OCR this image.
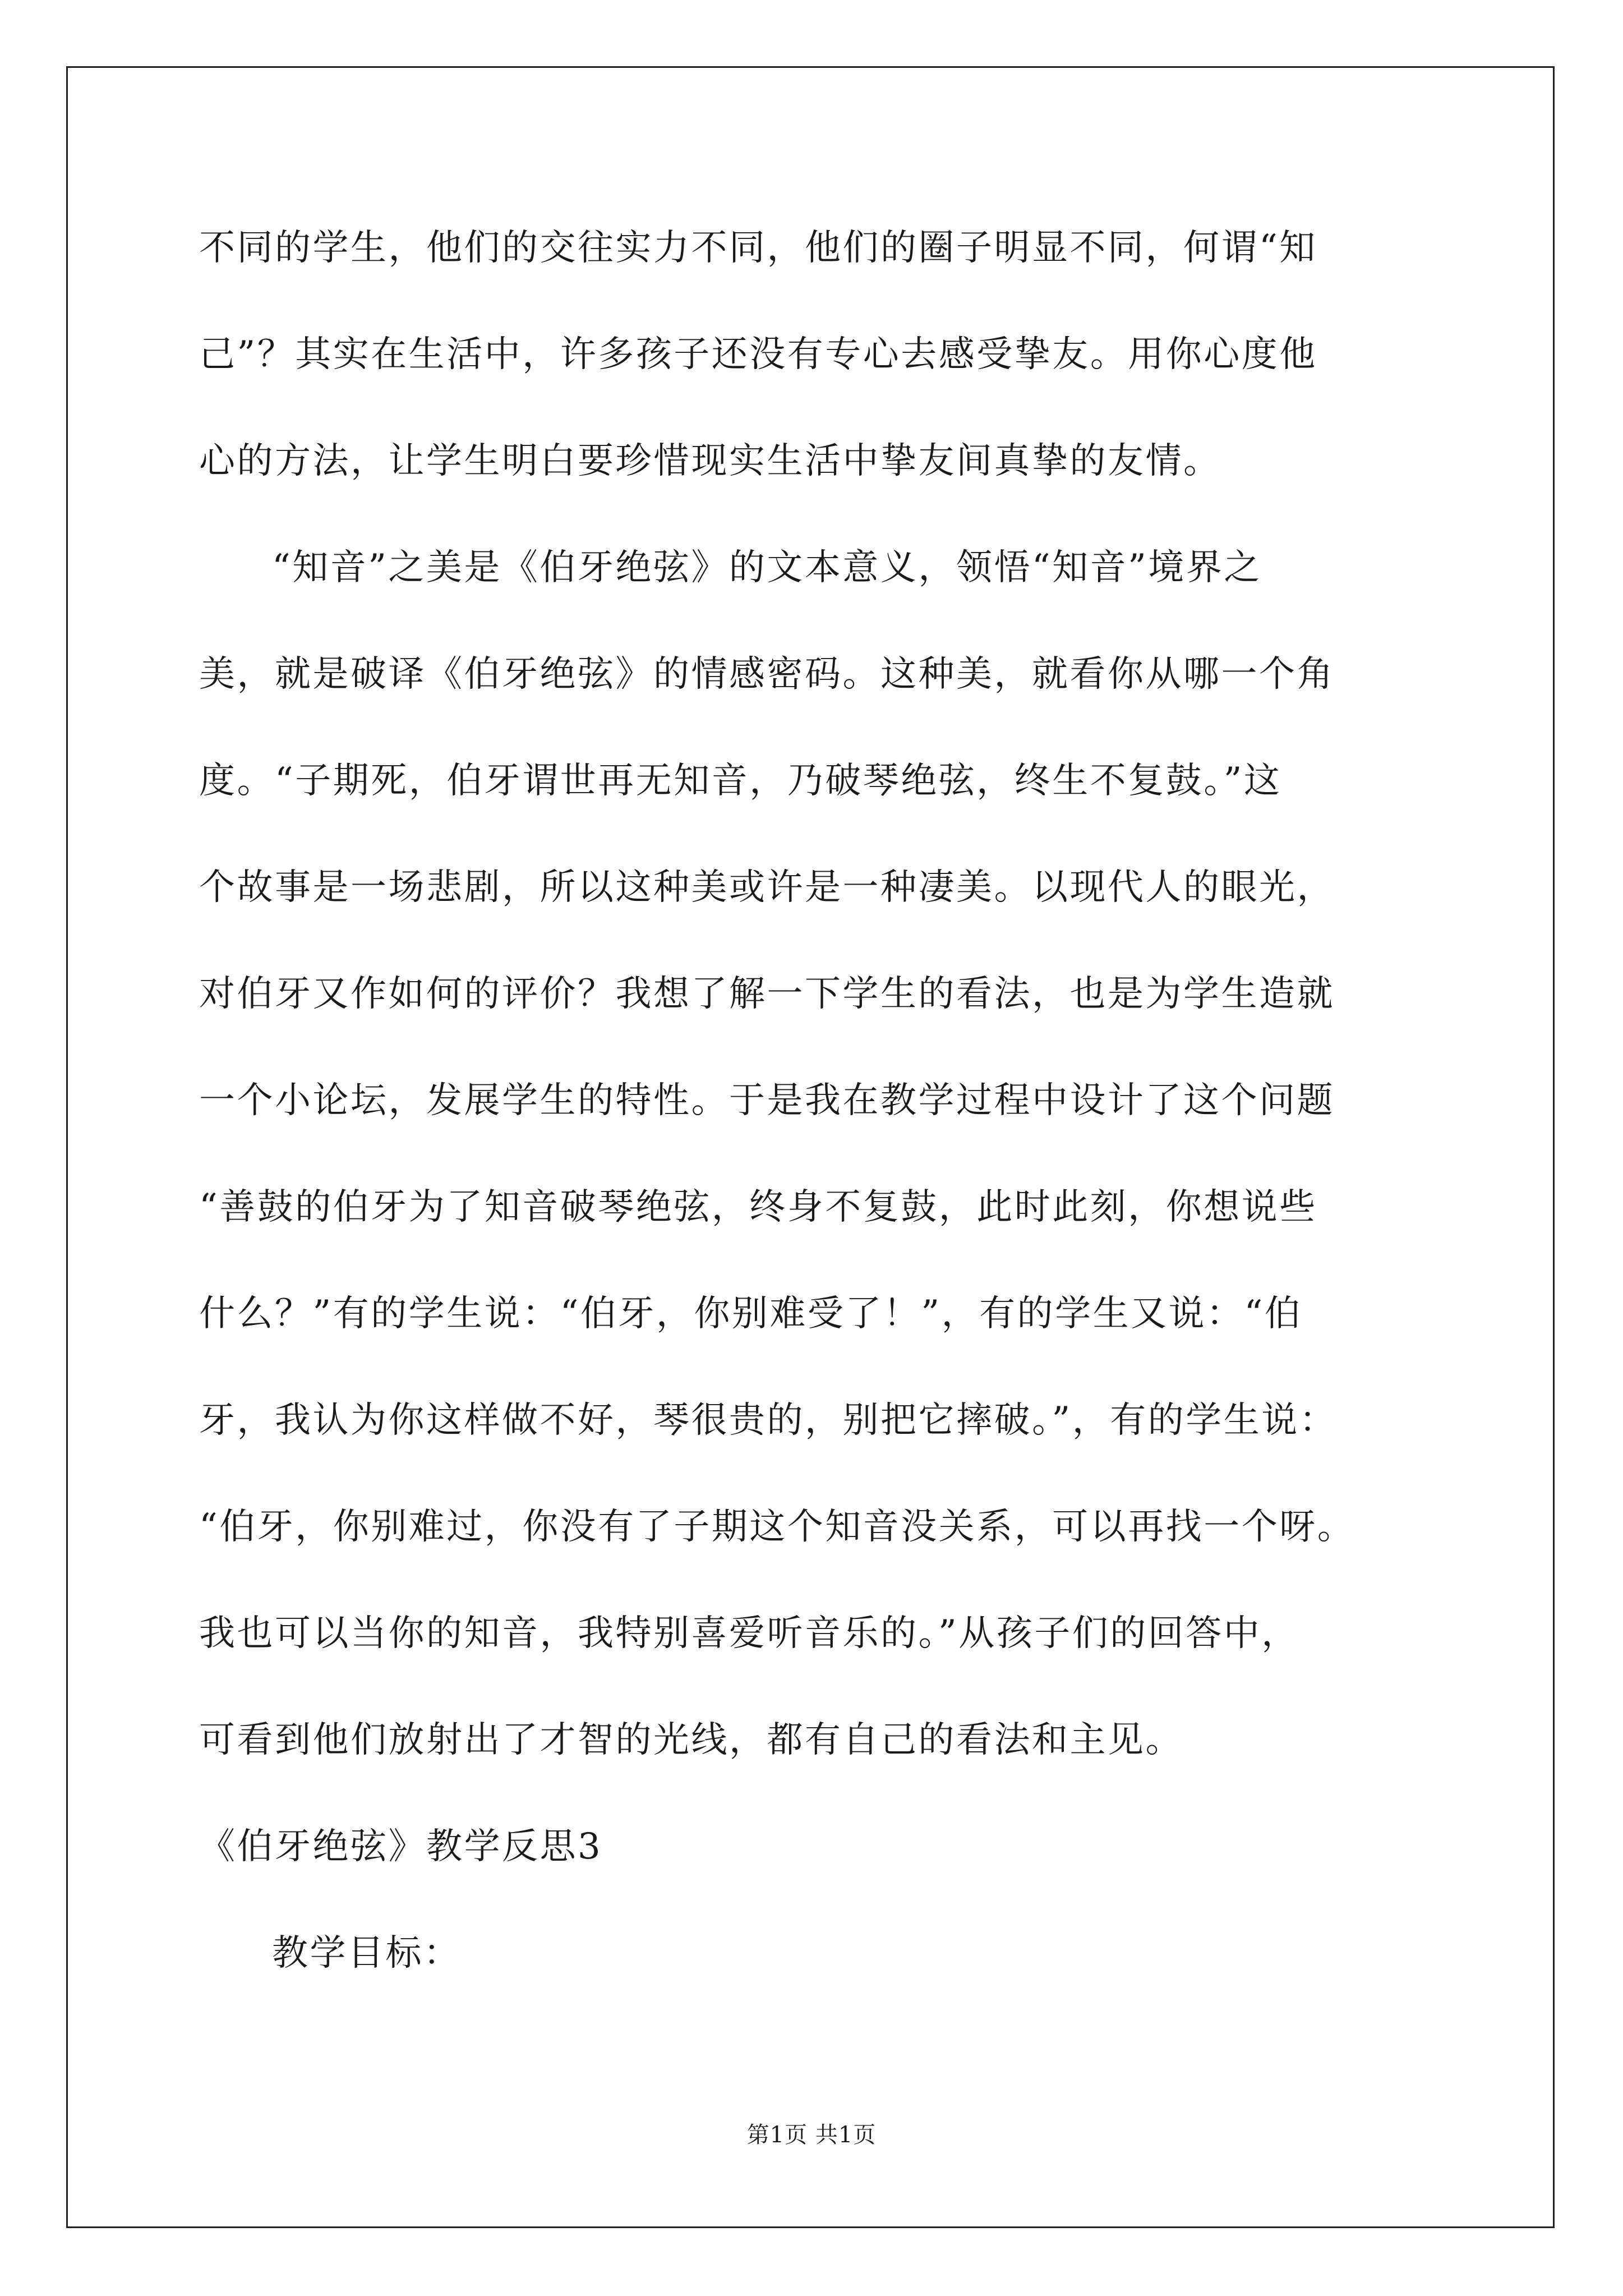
不同的学生，他们的交往实力不同，他们的圈子明显不同，何谓“知
己”？其实在生活中，许多孩子还没有专心去感受挚友。用你心度他
心的方法，让学生明白要珍惜现实生活中挚友间真挚的友情。
“知音”之美是《伯牙绝弦》的文本意义，领悟“知音”境界之
美，就是破译《伯牙绝弦》的情感密码。这种美，就看你从哪一个角
度。“子期死，伯牙谓世再无知音，乃破琴绝弦，终生不复鼓。”这
个故事是一场悲剧，所以这种美或许是一种凄美。以现代人的眼光，
对伯牙又作如何的评价？我想了解一下学生的看法，也是为学生造就
一个小论坛，发展学生的特性。于是我在教学过程中设计了这个问题
“善鼓的伯牙为了知音破琴绝弦，终身不复鼓，此时此刻，你想说些
什么？”有的学生说：“伯牙，你别难受了！”，有的学生又说：“伯
牙，我认为你这样做不好，琴很贵的，别把它摔破。”，有的学生说：
“伯牙，你别难过，你没有了子期这个知音没关系，可以再找一个呀。
我也可以当你的知音，我特别喜爱听音乐的。”从孩子们的回答中，
可看到他们放射出了才智的光线，都有自己的看法和主见。
《伯牙绝弦》教学反思3
教学目标：
第1页 共1页
